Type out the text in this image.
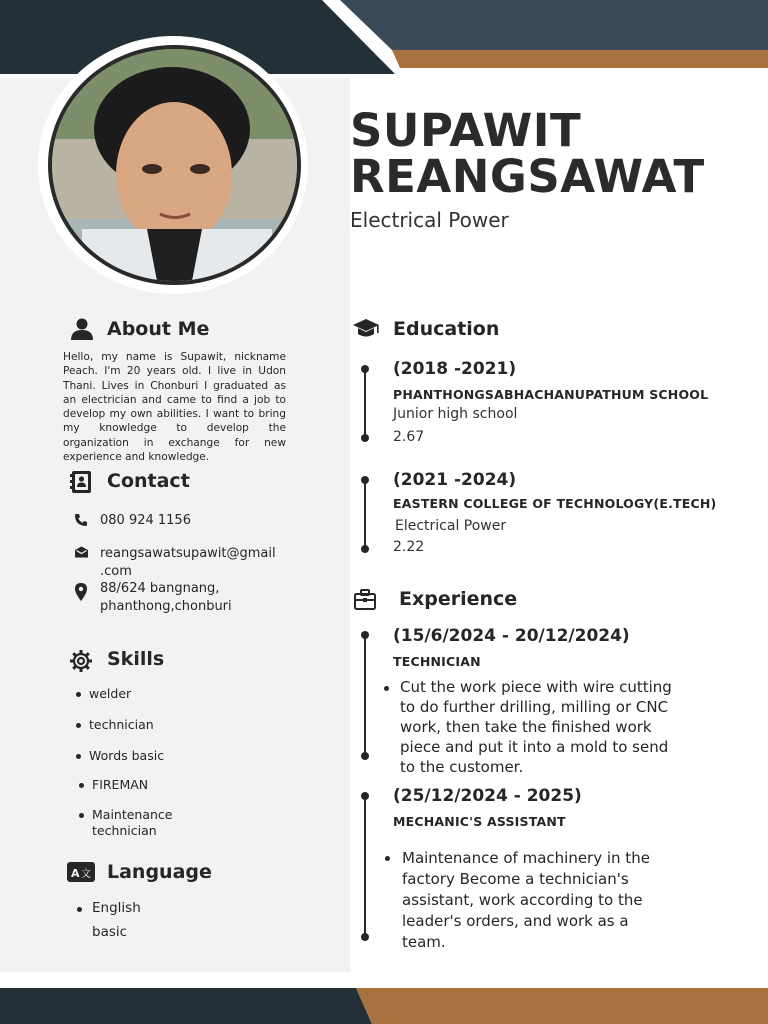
SUPAWIT
REANGSAWAT
Electrical Power
About Me
Hello, my name is Supawit, nickname Peach. I'm 20 years old. I live in Udon Thani. Lives in Chonburi I graduated as an electrician and came to find a job to develop my own abilities. I want to bring my knowledge to develop the organization in exchange for new experience and knowledge.
Contact
080 924 1156
reangsawatsupawit@gmail
.com
88/624 bangnang,
phanthong,chonburi
Skills
welder
technician
Words basic
FIREMAN
Maintenance
technician
A 文 Language
English
basic
Education
(2018 -2021)
PHANTHONGSABHACHANUPATHUM SCHOOL
Junior high school
2.67
(2021 -2024)
EASTERN COLLEGE OF TECHNOLOGY(E.TECH)
Electrical Power
2.22
Experience
(15/6/2024 - 20/12/2024)
TECHNICIAN
Cut the work piece with wire cutting
to do further drilling, milling or CNC
work, then take the finished work
piece and put it into a mold to send
to the customer.
(25/12/2024 - 2025)
MECHANIC'S ASSISTANT
Maintenance of machinery in the
factory Become a technician's
assistant, work according to the
leader's orders, and work as a
team.
